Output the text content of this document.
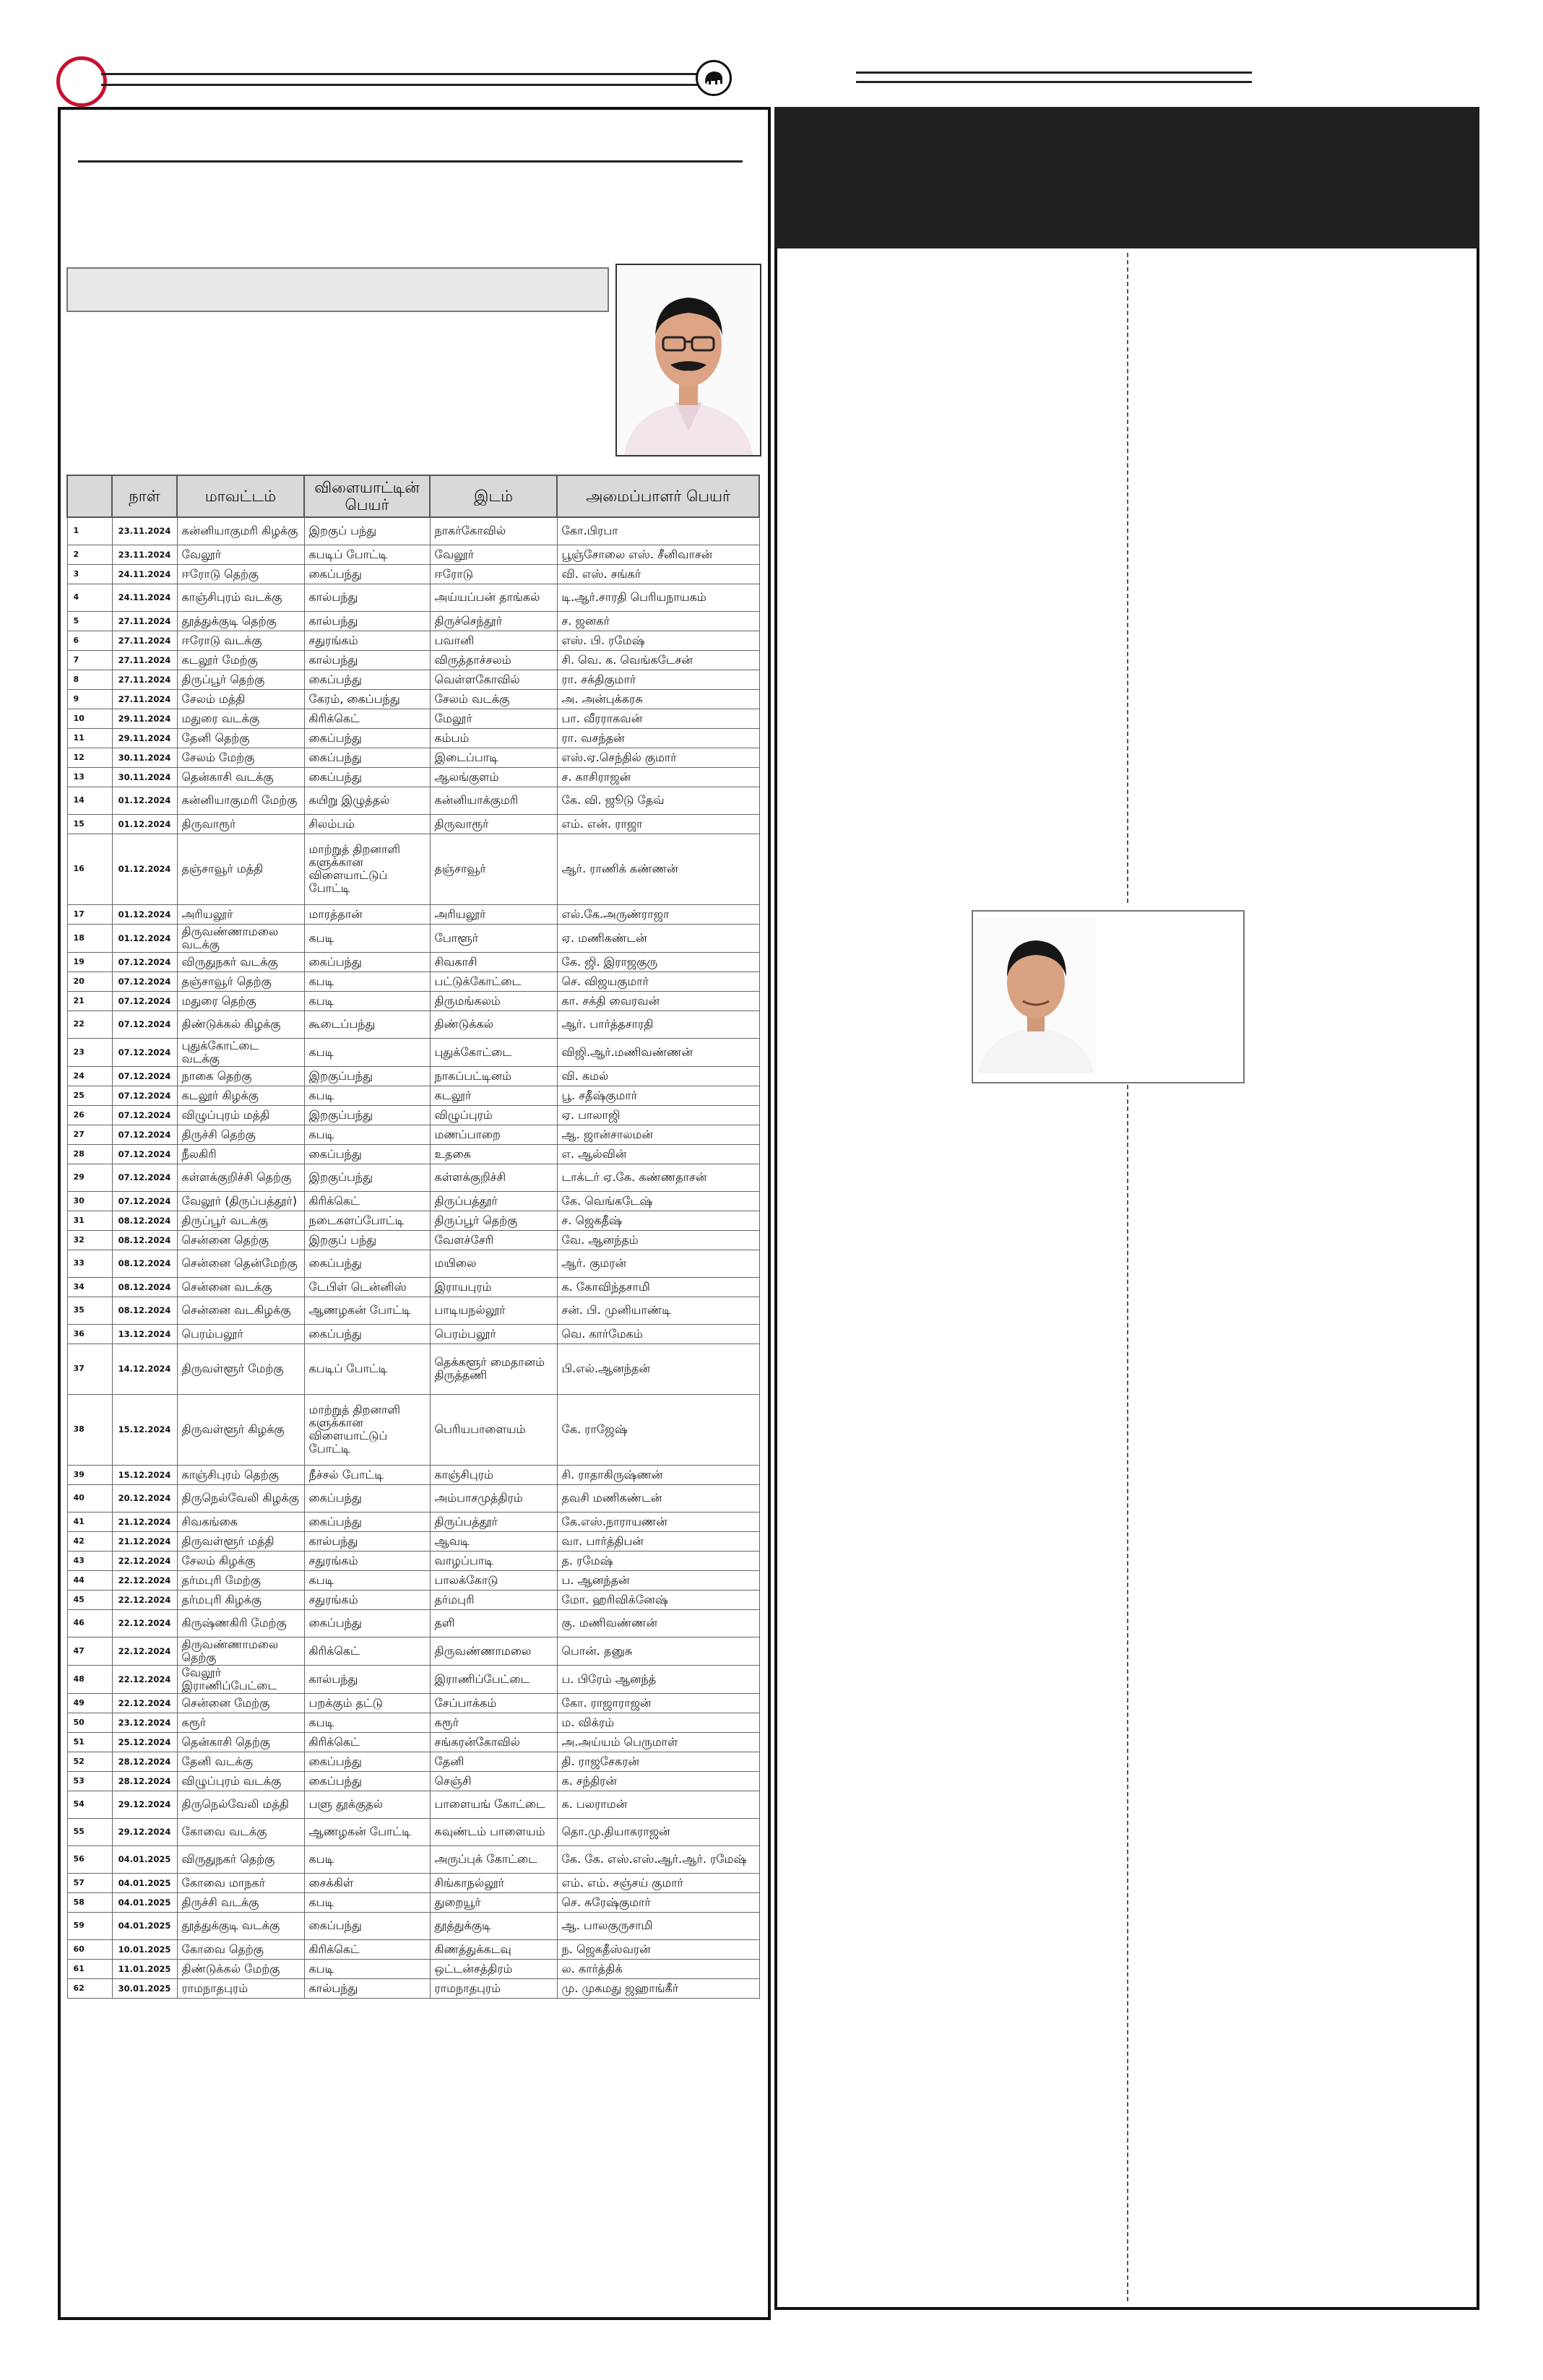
	நாள்	மாவட்டம்	விளையாட்டின் பெயர்	இடம்	அமைப்பாளர் பெயர்
1	23.11.2024	கன்னியாகுமரி கிழக்கு	இறகுப் பந்து	நாகர்கோவில்	கோ.பிரபா
2	23.11.2024	வேலூர்	கபடிப் போட்டி	வேலூர்	பூஞ்சோலை எஸ். சீனிவாசன்
3	24.11.2024	ஈரோடு தெற்கு	கைப்பந்து	ஈரோடு	வி. எஸ். சங்கர்
4	24.11.2024	காஞ்சிபுரம் வடக்கு	கால்பந்து	அய்யப்பன் தாங்கல்	டி.ஆர்.சாரதி பெரியநாயகம்
5	27.11.2024	தூத்துக்குடி தெற்கு	கால்பந்து	திருச்செந்தூர்	ச. ஜனகர்
6	27.11.2024	ஈரோடு வடக்கு	சதுரங்கம்	பவானி	எஸ். பி. ரமேஷ்
7	27.11.2024	கடலூர் மேற்கு	கால்பந்து	விருத்தாச்சலம்	சி. வெ. க. வெங்கடேசன்
8	27.11.2024	திருப்பூர் தெற்கு	கைப்பந்து	வெள்ளகோவில்	ரா. சக்திகுமார்
9	27.11.2024	சேலம் மத்தி	கேரம், கைப்பந்து	சேலம் வடக்கு	அ. அன்புக்கரசு
10	29.11.2024	மதுரை வடக்கு	கிரிக்கெட்	மேலூர்	பா. வீரராகவன்
11	29.11.2024	தேனி தெற்கு	கைப்பந்து	கம்பம்	ரா. வசந்தன்
12	30.11.2024	சேலம் மேற்கு	கைப்பந்து	இடைப்பாடி	எஸ்.ஏ.செந்தில் குமார்
13	30.11.2024	தென்காசி வடக்கு	கைப்பந்து	ஆலங்குளம்	ச. காசிராஜன்
14	01.12.2024	கன்னியாகுமரி மேற்கு	கயிறு இழுத்தல்	கன்னியாக்குமரி	கே. வி. ஜூடு தேவ்
15	01.12.2024	திருவாரூர்	சிலம்பம்	திருவாரூர்	எம். என். ராஜா
16	01.12.2024	தஞ்சாவூர் மத்தி	மாற்றுத் திறனாளி களுக்கான விளையாட்டுப் போட்டி	தஞ்சாவூர்	ஆர். ராணிக் கண்ணன்
17	01.12.2024	அரியலூர்	மாரத்தான்	அரியலூர்	எல்.கே.அருண்ராஜா
18	01.12.2024	திருவண்ணாமலை வடக்கு	கபடி	போளூர்	ஏ. மணிகண்டன்
19	07.12.2024	விருதுநகர் வடக்கு	கைப்பந்து	சிவகாசி	கே. ஜி. இராஜகுரு
20	07.12.2024	தஞ்சாவூர் தெற்கு	கபடி	பட்டுக்கோட்டை	செ. விஜயகுமார்
21	07.12.2024	மதுரை தெற்கு	கபடி	திருமங்கலம்	கா. சக்தி வைரவன்
22	07.12.2024	திண்டுக்கல் கிழக்கு	கூடைப்பந்து	திண்டுக்கல்	ஆர். பார்த்தசாரதி
23	07.12.2024	புதுக்கோட்டை வடக்கு	கபடி	புதுக்கோட்டை	விஜி.ஆர்.மணிவண்ணன்
24	07.12.2024	நாகை தெற்கு	இறகுப்பந்து	நாகப்பட்டினம்	வி. கமல்
25	07.12.2024	கடலூர் கிழக்கு	கபடி	கடலூர்	பூ. சதீஷ்குமார்
26	07.12.2024	விழுப்புரம் மத்தி	இறகுப்பந்து	விழுப்புரம்	ஏ. பாலாஜி
27	07.12.2024	திருச்சி தெற்கு	கபடி	மணப்பாறை	ஆ. ஜான்சாலமன்
28	07.12.2024	நீலகிரி	கைப்பந்து	உதகை	எ. ஆல்வின்
29	07.12.2024	கள்ளக்குறிச்சி தெற்கு	இறகுப்பந்து	கள்ளக்குறிச்சி	டாக்டர் ஏ.கே. கண்ணதாசன்
30	07.12.2024	வேலூர் (திருப்பத்தூர்)	கிரிக்கெட்	திருப்பத்தூர்	கே. வெங்கடேஷ்
31	08.12.2024	திருப்பூர் வடக்கு	நடைகளப்போட்டி	திருப்பூர் தெற்கு	ச. ஜெகதீஷ்
32	08.12.2024	சென்னை தெற்கு	இறகுப் பந்து	வேளச்சேரி	வே. ஆனந்தம்
33	08.12.2024	சென்னை தென்மேற்கு	கைப்பந்து	மயிலை	ஆர். குமரன்
34	08.12.2024	சென்னை வடக்கு	டேபிள் டென்னிஸ்	இராயபுரம்	க. கோவிந்தசாமி
35	08.12.2024	சென்னை வடகிழக்கு	ஆணழகன் போட்டி	பாடியநல்லூர்	சன். பி. முனியாண்டி
36	13.12.2024	பெரம்பலூர்	கைப்பந்து	பெரம்பலூர்	வெ. கார்மேகம்
37	14.12.2024	திருவள்ளூர் மேற்கு	கபடிப் போட்டி	தெக்களூர் மைதானம் திருத்தணி	பி.எல்.ஆனந்தன்
38	15.12.2024	திருவள்ளூர் கிழக்கு	மாற்றுத் திறனாளி களுக்கான விளையாட்டுப் போட்டி	பெரியபாளையம்	கே. ராஜேஷ்
39	15.12.2024	காஞ்சிபுரம் தெற்கு	நீச்சல் போட்டி	காஞ்சிபுரம்	சி. ராதாகிருஷ்ணன்
40	20.12.2024	திருநெல்வேலி கிழக்கு	கைப்பந்து	அம்பாசமுத்திரம்	தவசி மணிகண்டன்
41	21.12.2024	சிவகங்கை	கைப்பந்து	திருப்பத்தூர்	கே.எஸ்.நாராயணன்
42	21.12.2024	திருவள்ளூர் மத்தி	கால்பந்து	ஆவடி	வா. பார்த்திபன்
43	22.12.2024	சேலம் கிழக்கு	சதுரங்கம்	வாழப்பாடி	த. ரமேஷ்
44	22.12.2024	தர்மபுரி மேற்கு	கபடி	பாலக்கோடு	ப. ஆனந்தன்
45	22.12.2024	தர்மபுரி கிழக்கு	சதுரங்கம்	தர்மபுரி	மோ. ஹரிவிக்னேஷ்
46	22.12.2024	கிருஷ்ணகிரி மேற்கு	கைப்பந்து	தளி	கு. மணிவண்ணன்
47	22.12.2024	திருவண்ணாமலை தெற்கு	கிரிக்கெட்	திருவண்ணாமலை	பொன். தனுசு
48	22.12.2024	வேலூர் இராணிப்பேட்டை	கால்பந்து	இராணிப்பேட்டை	ப. பிரேம் ஆனந்த்
49	22.12.2024	சென்னை மேற்கு	பறக்கும் தட்டு	சேப்பாக்கம்	கோ. ராஜாராஜன்
50	23.12.2024	கரூர்	கபடி	கரூர்	ம. விக்ரம்
51	25.12.2024	தென்காசி தெற்கு	கிரிக்கெட்	சங்கரன்கோவில்	அ.அய்யம் பெருமாள்
52	28.12.2024	தேனி வடக்கு	கைப்பந்து	தேனி	தி. ராஜசேகரன்
53	28.12.2024	விழுப்புரம் வடக்கு	கைப்பந்து	செஞ்சி	க. சந்திரன்
54	29.12.2024	திருநெல்வேலி மத்தி	பளு தூக்குதல்	பாளையங் கோட்டை	க. பலராமன்
55	29.12.2024	கோவை வடக்கு	ஆணழகன் போட்டி	கவுண்டம் பாளையம்	தொ.மு.தியாகராஜன்
56	04.01.2025	விருதுநகர் தெற்கு	கபடி	அருப்புக் கோட்டை	கே. கே. எஸ்.எஸ்.ஆர்.ஆர். ரமேஷ்
57	04.01.2025	கோவை மாநகர்	சைக்கிள்	சிங்காநல்லூர்	எம். எம். சஞ்சய் குமார்
58	04.01.2025	திருச்சி வடக்கு	கபடி	துறையூர்	செ. சுரேஷ்குமார்
59	04.01.2025	தூத்துக்குடி வடக்கு	கைப்பந்து	தூத்துக்குடி	ஆ. பாலகுருசாமி
60	10.01.2025	கோவை தெற்கு	கிரிக்கெட்	கிணத்துக்கடவு	ந. ஜெகதீஸ்வரன்
61	11.01.2025	திண்டுக்கல் மேற்கு	கபடி	ஒட்டன்சத்திரம்	ல. கார்த்திக்
62	30.01.2025	ராமநாதபுரம்	கால்பந்து	ராமநாதபுரம்	மு. முகமது ஜஹாங்கீர்
